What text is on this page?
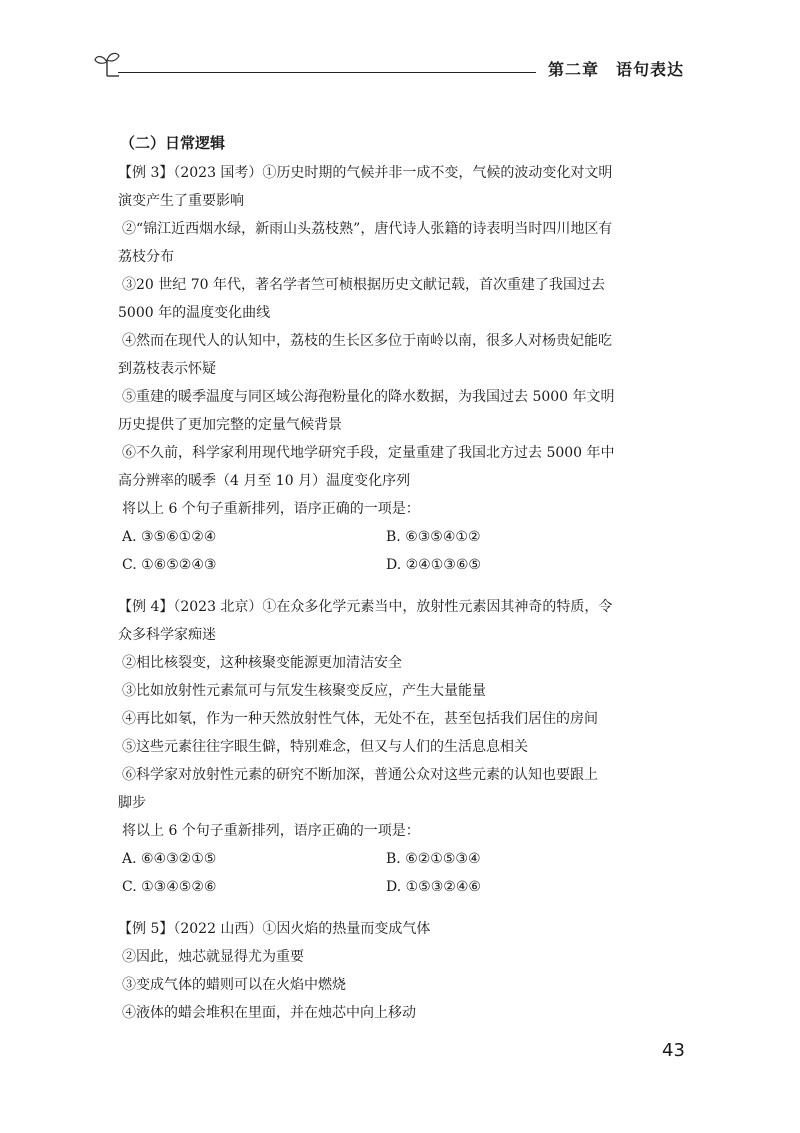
第二章　语句表达
（二）日常逻辑
【例 3】（2023 国考）①历史时期的气候并非一成不变，气候的波动变化对文明
演变产生了重要影响
②“锦江近西烟水绿，新雨山头荔枝熟”，唐代诗人张籍的诗表明当时四川地区有
荔枝分布
③20 世纪 70 年代，著名学者竺可桢根据历史文献记载，首次重建了我国过去
5000 年的温度变化曲线
④然而在现代人的认知中，荔枝的生长区多位于南岭以南，很多人对杨贵妃能吃
到荔枝表示怀疑
⑤重建的暖季温度与同区域公海孢粉量化的降水数据，为我国过去 5000 年文明
历史提供了更加完整的定量气候背景
⑥不久前，科学家利用现代地学研究手段，定量重建了我国北方过去 5000 年中
高分辨率的暖季（4 月至 10 月）温度变化序列
将以上 6 个句子重新排列，语序正确的一项是：
A. ③⑤⑥①②④	B. ⑥③⑤④①②
C. ①⑥⑤②④③	D. ②④①③⑥⑤
【例 4】（2023 北京）①在众多化学元素当中，放射性元素因其神奇的特质，令
众多科学家痴迷
②相比核裂变，这种核聚变能源更加清洁安全
③比如放射性元素氚可与氘发生核聚变反应，产生大量能量
④再比如氡，作为一种天然放射性气体，无处不在，甚至包括我们居住的房间
⑤这些元素往往字眼生僻，特别难念，但又与人们的生活息息相关
⑥科学家对放射性元素的研究不断加深，普通公众对这些元素的认知也要跟上
脚步
将以上 6 个句子重新排列，语序正确的一项是：
A. ⑥④③②①⑤	B. ⑥②①⑤③④
C. ①③④⑤②⑥	D. ①⑤③②④⑥
【例 5】（2022 山西）①因火焰的热量而变成气体
②因此，烛芯就显得尤为重要
③变成气体的蜡则可以在火焰中燃烧
④液体的蜡会堆积在里面，并在烛芯中向上移动
43
